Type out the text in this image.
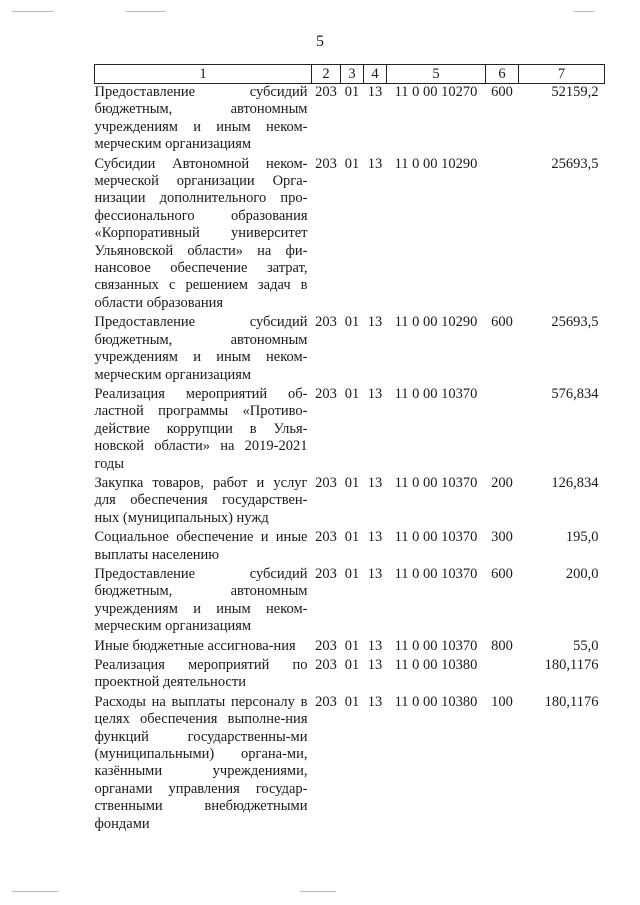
5
1	2	3	4	5	6	7
Предоставление субсидий бюджетным, автономным учреждениям и иным неком-мерческим организациям	203	01	13	11 0 00 10270	600	52159,2
Субсидии Автономной неком-мерческой организации Орга-низации дополнительного про-фессионального образования «Корпоративный университет Ульяновской области» на фи-нансовое обеспечение затрат, связанных с решением задач в области образования	203	01	13	11 0 00 10290		25693,5
Предоставление субсидий бюджетным, автономным учреждениям и иным неком-мерческим организациям	203	01	13	11 0 00 10290	600	25693,5
Реализация мероприятий об-ластной программы «Противо-действие коррупции в Улья-новской области» на 2019-2021 годы	203	01	13	11 0 00 10370		576,834
Закупка товаров, работ и услуг для обеспечения государствен-ных (муниципальных) нужд	203	01	13	11 0 00 10370	200	126,834
Социальное обеспечение и иные выплаты населению	203	01	13	11 0 00 10370	300	195,0
Предоставление субсидий бюджетным, автономным учреждениям и иным неком-мерческим организациям	203	01	13	11 0 00 10370	600	200,0
Иные бюджетные ассигнова-ния	203	01	13	11 0 00 10370	800	55,0
Реализация мероприятий по проектной деятельности	203	01	13	11 0 00 10380		180,1176
Расходы на выплаты персоналу в целях обеспечения выполне-ния функций государственны-ми (муниципальными) органа-ми, казёнными учреждениями, органами управления государ-ственными внебюджетными фондами	203	01	13	11 0 00 10380	100	180,1176
